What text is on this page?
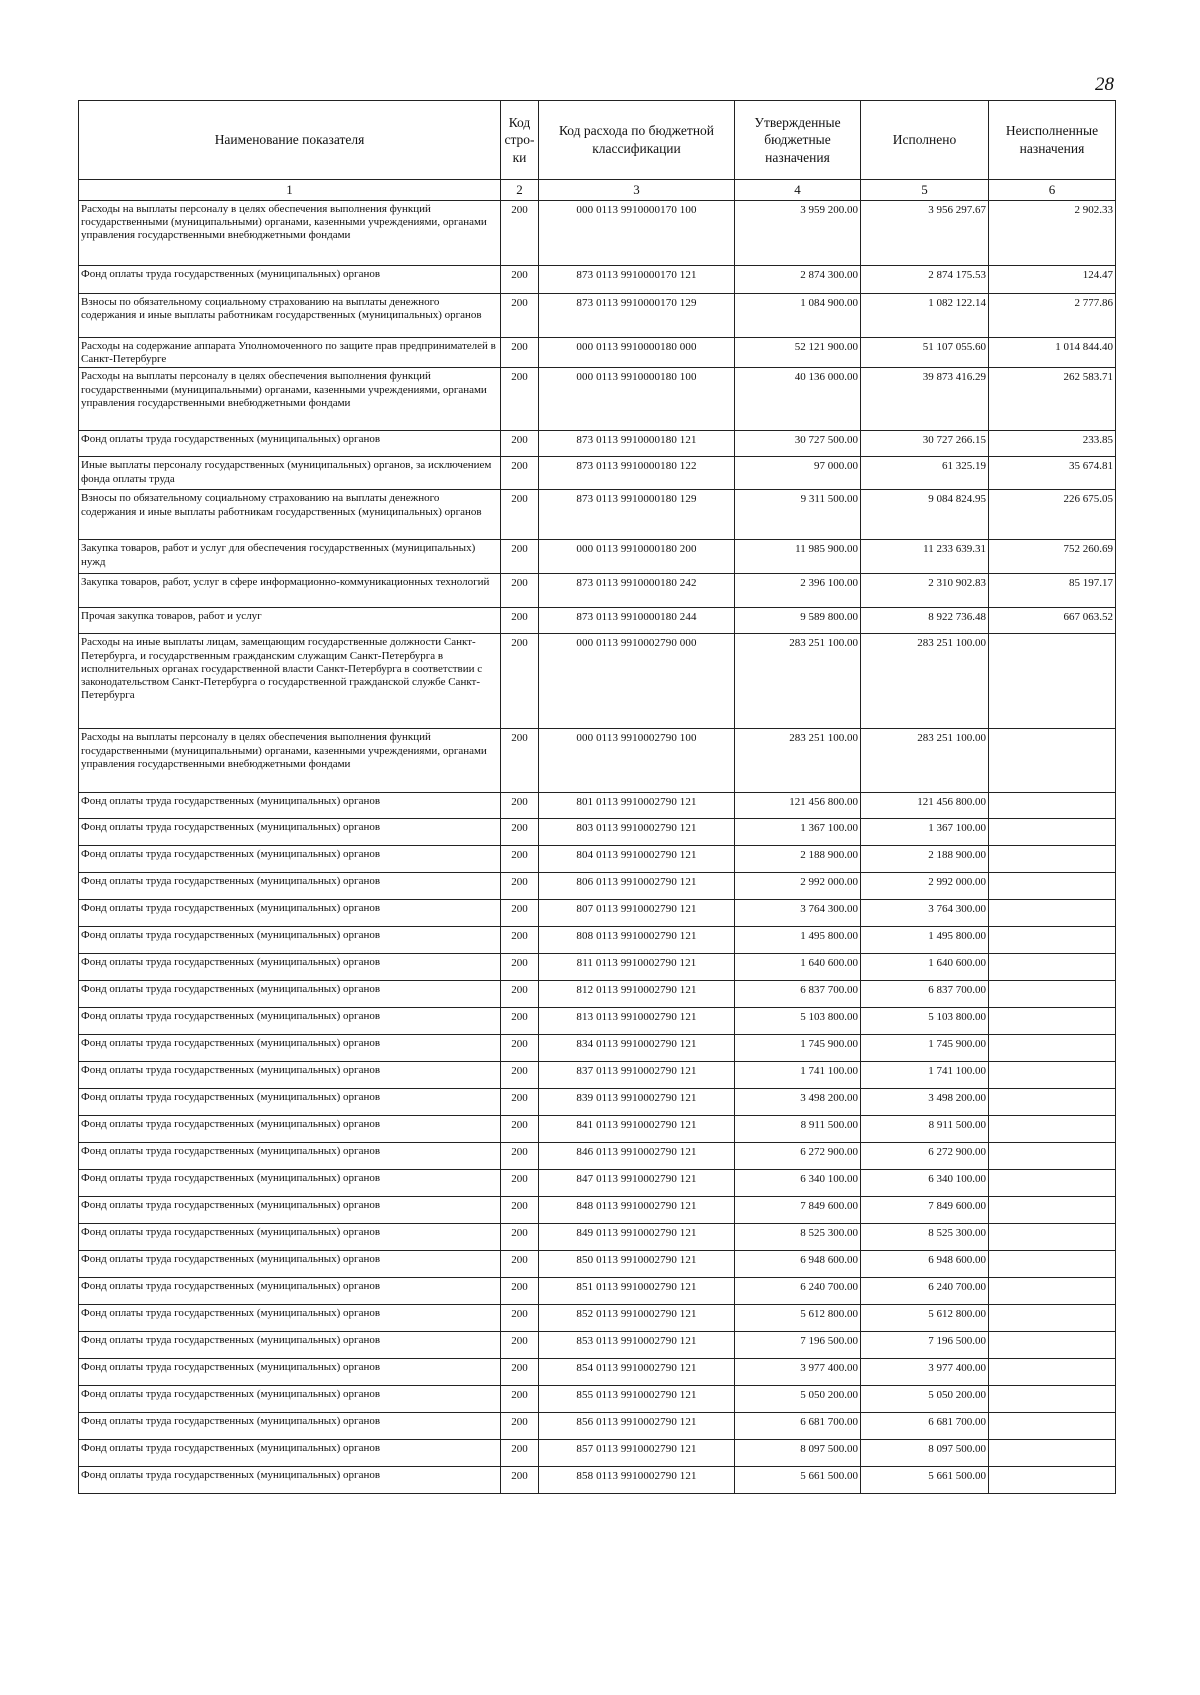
28
Наименование показателя	Код стро-ки	Код расхода по бюджетной классификации	Утвержденные бюджетные назначения	Исполнено	Неисполненные назначения
1	2	3	4	5	6
Расходы на выплаты персоналу в целях обеспечения выполнения функций государственными (муниципальными) органами, казенными учреждениями, органами управления государственными внебюджетными фондами	200	000 0113 9910000170 100	3 959 200.00	3 956 297.67	2 902.33
Фонд оплаты труда государственных (муниципальных) органов	200	873 0113 9910000170 121	2 874 300.00	2 874 175.53	124.47
Взносы по обязательному социальному страхованию на выплаты денежного содержания и иные выплаты работникам государственных (муниципальных) органов	200	873 0113 9910000170 129	1 084 900.00	1 082 122.14	2 777.86
Расходы на содержание аппарата Уполномоченного по защите прав предпринимателей в Санкт-Петербурге	200	000 0113 9910000180 000	52 121 900.00	51 107 055.60	1 014 844.40
Расходы на выплаты персоналу в целях обеспечения выполнения функций государственными (муниципальными) органами, казенными учреждениями, органами управления государственными внебюджетными фондами	200	000 0113 9910000180 100	40 136 000.00	39 873 416.29	262 583.71
Фонд оплаты труда государственных (муниципальных) органов	200	873 0113 9910000180 121	30 727 500.00	30 727 266.15	233.85
Иные выплаты персоналу государственных (муниципальных) органов, за исключением фонда оплаты труда	200	873 0113 9910000180 122	97 000.00	61 325.19	35 674.81
Взносы по обязательному социальному страхованию на выплаты денежного содержания и иные выплаты работникам государственных (муниципальных) органов	200	873 0113 9910000180 129	9 311 500.00	9 084 824.95	226 675.05
Закупка товаров, работ и услуг для обеспечения государственных (муниципальных) нужд	200	000 0113 9910000180 200	11 985 900.00	11 233 639.31	752 260.69
Закупка товаров, работ, услуг в сфере информационно-коммуникационных технологий	200	873 0113 9910000180 242	2 396 100.00	2 310 902.83	85 197.17
Прочая закупка товаров, работ и услуг	200	873 0113 9910000180 244	9 589 800.00	8 922 736.48	667 063.52
Расходы на иные выплаты лицам, замещающим государственные должности Санкт-Петербурга, и государственным гражданским служащим Санкт-Петербурга в исполнительных органах государственной власти Санкт-Петербурга в соответствии с законодательством Санкт-Петербурга о государственной гражданской службе Санкт-Петербурга	200	000 0113 9910002790 000	283 251 100.00	283 251 100.00	
Расходы на выплаты персоналу в целях обеспечения выполнения функций государственными (муниципальными) органами, казенными учреждениями, органами управления государственными внебюджетными фондами	200	000 0113 9910002790 100	283 251 100.00	283 251 100.00	
Фонд оплаты труда государственных (муниципальных) органов	200	801 0113 9910002790 121	121 456 800.00	121 456 800.00	
Фонд оплаты труда государственных (муниципальных) органов	200	803 0113 9910002790 121	1 367 100.00	1 367 100.00	
Фонд оплаты труда государственных (муниципальных) органов	200	804 0113 9910002790 121	2 188 900.00	2 188 900.00	
Фонд оплаты труда государственных (муниципальных) органов	200	806 0113 9910002790 121	2 992 000.00	2 992 000.00	
Фонд оплаты труда государственных (муниципальных) органов	200	807 0113 9910002790 121	3 764 300.00	3 764 300.00	
Фонд оплаты труда государственных (муниципальных) органов	200	808 0113 9910002790 121	1 495 800.00	1 495 800.00	
Фонд оплаты труда государственных (муниципальных) органов	200	811 0113 9910002790 121	1 640 600.00	1 640 600.00	
Фонд оплаты труда государственных (муниципальных) органов	200	812 0113 9910002790 121	6 837 700.00	6 837 700.00	
Фонд оплаты труда государственных (муниципальных) органов	200	813 0113 9910002790 121	5 103 800.00	5 103 800.00	
Фонд оплаты труда государственных (муниципальных) органов	200	834 0113 9910002790 121	1 745 900.00	1 745 900.00	
Фонд оплаты труда государственных (муниципальных) органов	200	837 0113 9910002790 121	1 741 100.00	1 741 100.00	
Фонд оплаты труда государственных (муниципальных) органов	200	839 0113 9910002790 121	3 498 200.00	3 498 200.00	
Фонд оплаты труда государственных (муниципальных) органов	200	841 0113 9910002790 121	8 911 500.00	8 911 500.00	
Фонд оплаты труда государственных (муниципальных) органов	200	846 0113 9910002790 121	6 272 900.00	6 272 900.00	
Фонд оплаты труда государственных (муниципальных) органов	200	847 0113 9910002790 121	6 340 100.00	6 340 100.00	
Фонд оплаты труда государственных (муниципальных) органов	200	848 0113 9910002790 121	7 849 600.00	7 849 600.00	
Фонд оплаты труда государственных (муниципальных) органов	200	849 0113 9910002790 121	8 525 300.00	8 525 300.00	
Фонд оплаты труда государственных (муниципальных) органов	200	850 0113 9910002790 121	6 948 600.00	6 948 600.00	
Фонд оплаты труда государственных (муниципальных) органов	200	851 0113 9910002790 121	6 240 700.00	6 240 700.00	
Фонд оплаты труда государственных (муниципальных) органов	200	852 0113 9910002790 121	5 612 800.00	5 612 800.00	
Фонд оплаты труда государственных (муниципальных) органов	200	853 0113 9910002790 121	7 196 500.00	7 196 500.00	
Фонд оплаты труда государственных (муниципальных) органов	200	854 0113 9910002790 121	3 977 400.00	3 977 400.00	
Фонд оплаты труда государственных (муниципальных) органов	200	855 0113 9910002790 121	5 050 200.00	5 050 200.00	
Фонд оплаты труда государственных (муниципальных) органов	200	856 0113 9910002790 121	6 681 700.00	6 681 700.00	
Фонд оплаты труда государственных (муниципальных) органов	200	857 0113 9910002790 121	8 097 500.00	8 097 500.00	
Фонд оплаты труда государственных (муниципальных) органов	200	858 0113 9910002790 121	5 661 500.00	5 661 500.00	
